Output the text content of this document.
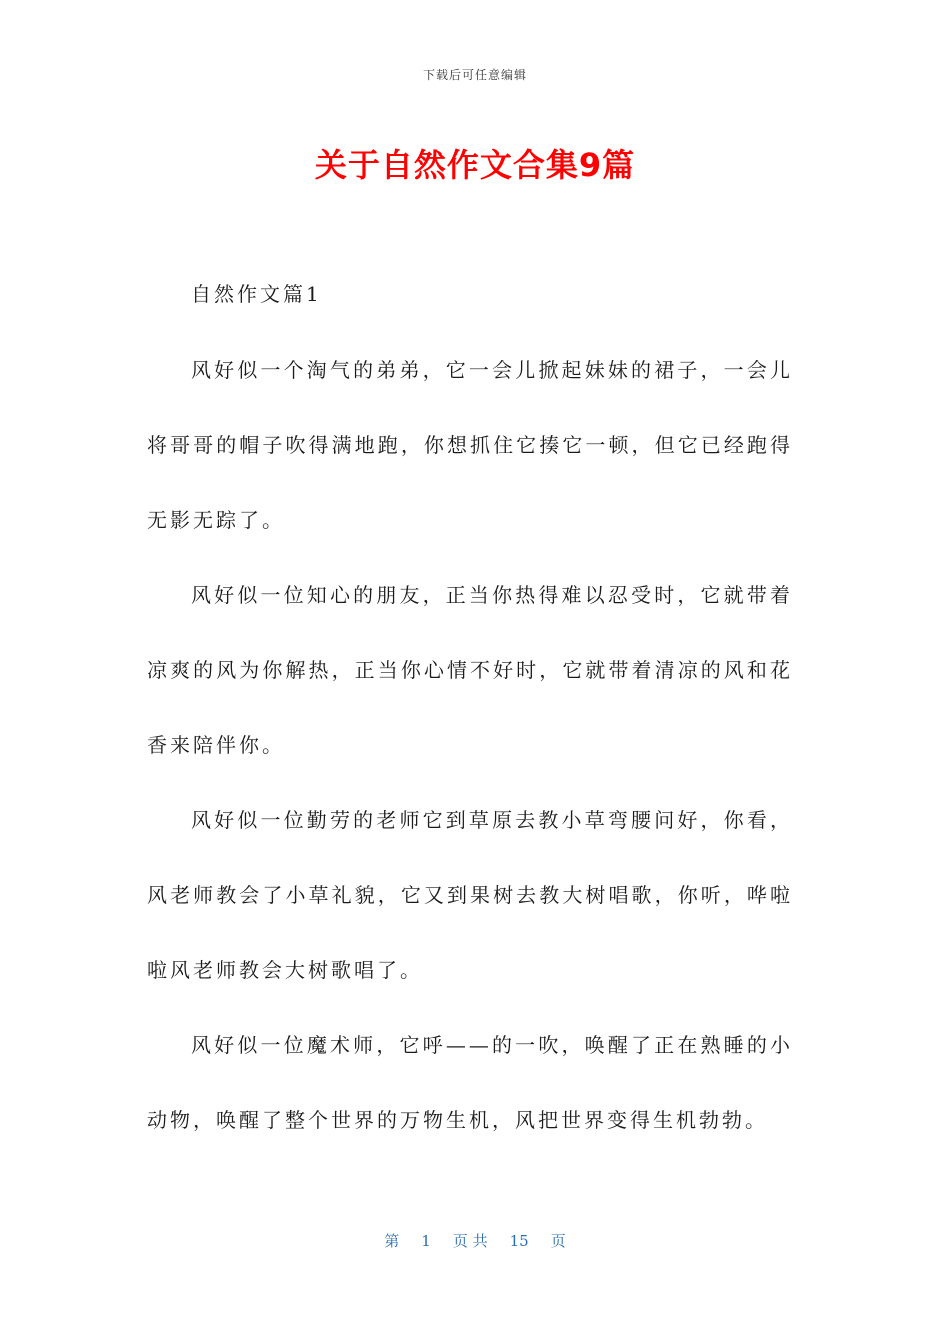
下载后可任意编辑
关于自然作文合集9篇
自然作文篇1

风好似一个淘气的弟弟，它一会儿掀起妹妹的裙子，一会儿将哥哥的帽子吹得满地跑，你想抓住它揍它一顿，但它已经跑得无影无踪了。

风好似一位知心的朋友，正当你热得难以忍受时，它就带着凉爽的风为你解热，正当你心情不好时，它就带着清凉的风和花香来陪伴你。

风好似一位勤劳的老师它到草原去教小草弯腰问好，你看，风老师教会了小草礼貌，它又到果树去教大树唱歌，你听，哗啦啦风老师教会大树歌唱了。

风好似一位魔术师，它呼——的一吹，唤醒了正在熟睡的小动物，唤醒了整个世界的万物生机，风把世界变得生机勃勃。

第 1 页 共 15 页
